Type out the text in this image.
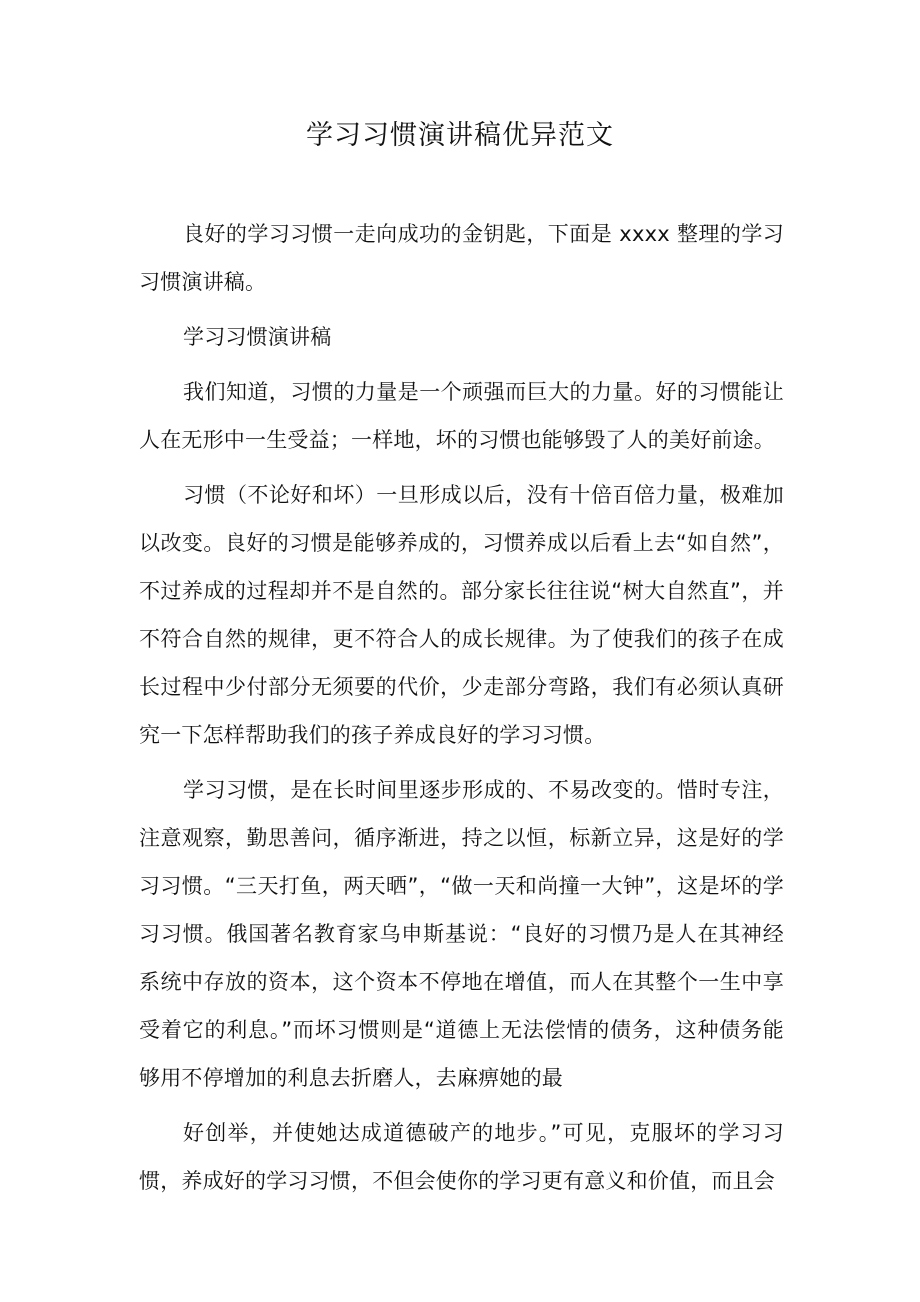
学习习惯演讲稿优异范文

良好的学习习惯一走向成功的金钥匙，下面是 xxxx 整理的学习习惯演讲稿。

学习习惯演讲稿

我们知道，习惯的力量是一个顽强而巨大的力量。好的习惯能让人在无形中一生受益；一样地，坏的习惯也能够毁了人的美好前途。

习惯（不论好和坏）一旦形成以后，没有十倍百倍力量，极难加以改变。良好的习惯是能够养成的，习惯养成以后看上去“如自然”，不过养成的过程却并不是自然的。部分家长往往说“树大自然直”，并不符合自然的规律，更不符合人的成长规律。为了使我们的孩子在成长过程中少付部分无须要的代价，少走部分弯路，我们有必须认真研究一下怎样帮助我们的孩子养成良好的学习习惯。

学习习惯，是在长时间里逐步形成的、不易改变的。惜时专注，注意观察，勤思善问，循序渐进，持之以恒，标新立异，这是好的学习习惯。“三天打鱼，两天晒”，“做一天和尚撞一大钟”，这是坏的学习习惯。俄国著名教育家乌申斯基说：“良好的习惯乃是人在其神经系统中存放的资本，这个资本不停地在增值，而人在其整个一生中享受着它的利息。”而坏习惯则是“道德上无法偿情的债务，这种债务能够用不停增加的利息去折磨人，去麻痹她的最

好创举，并使她达成道德破产的地步。”可见，克服坏的学习习惯，养成好的学习习惯，不但会使你的学习更有意义和价值，而且会
